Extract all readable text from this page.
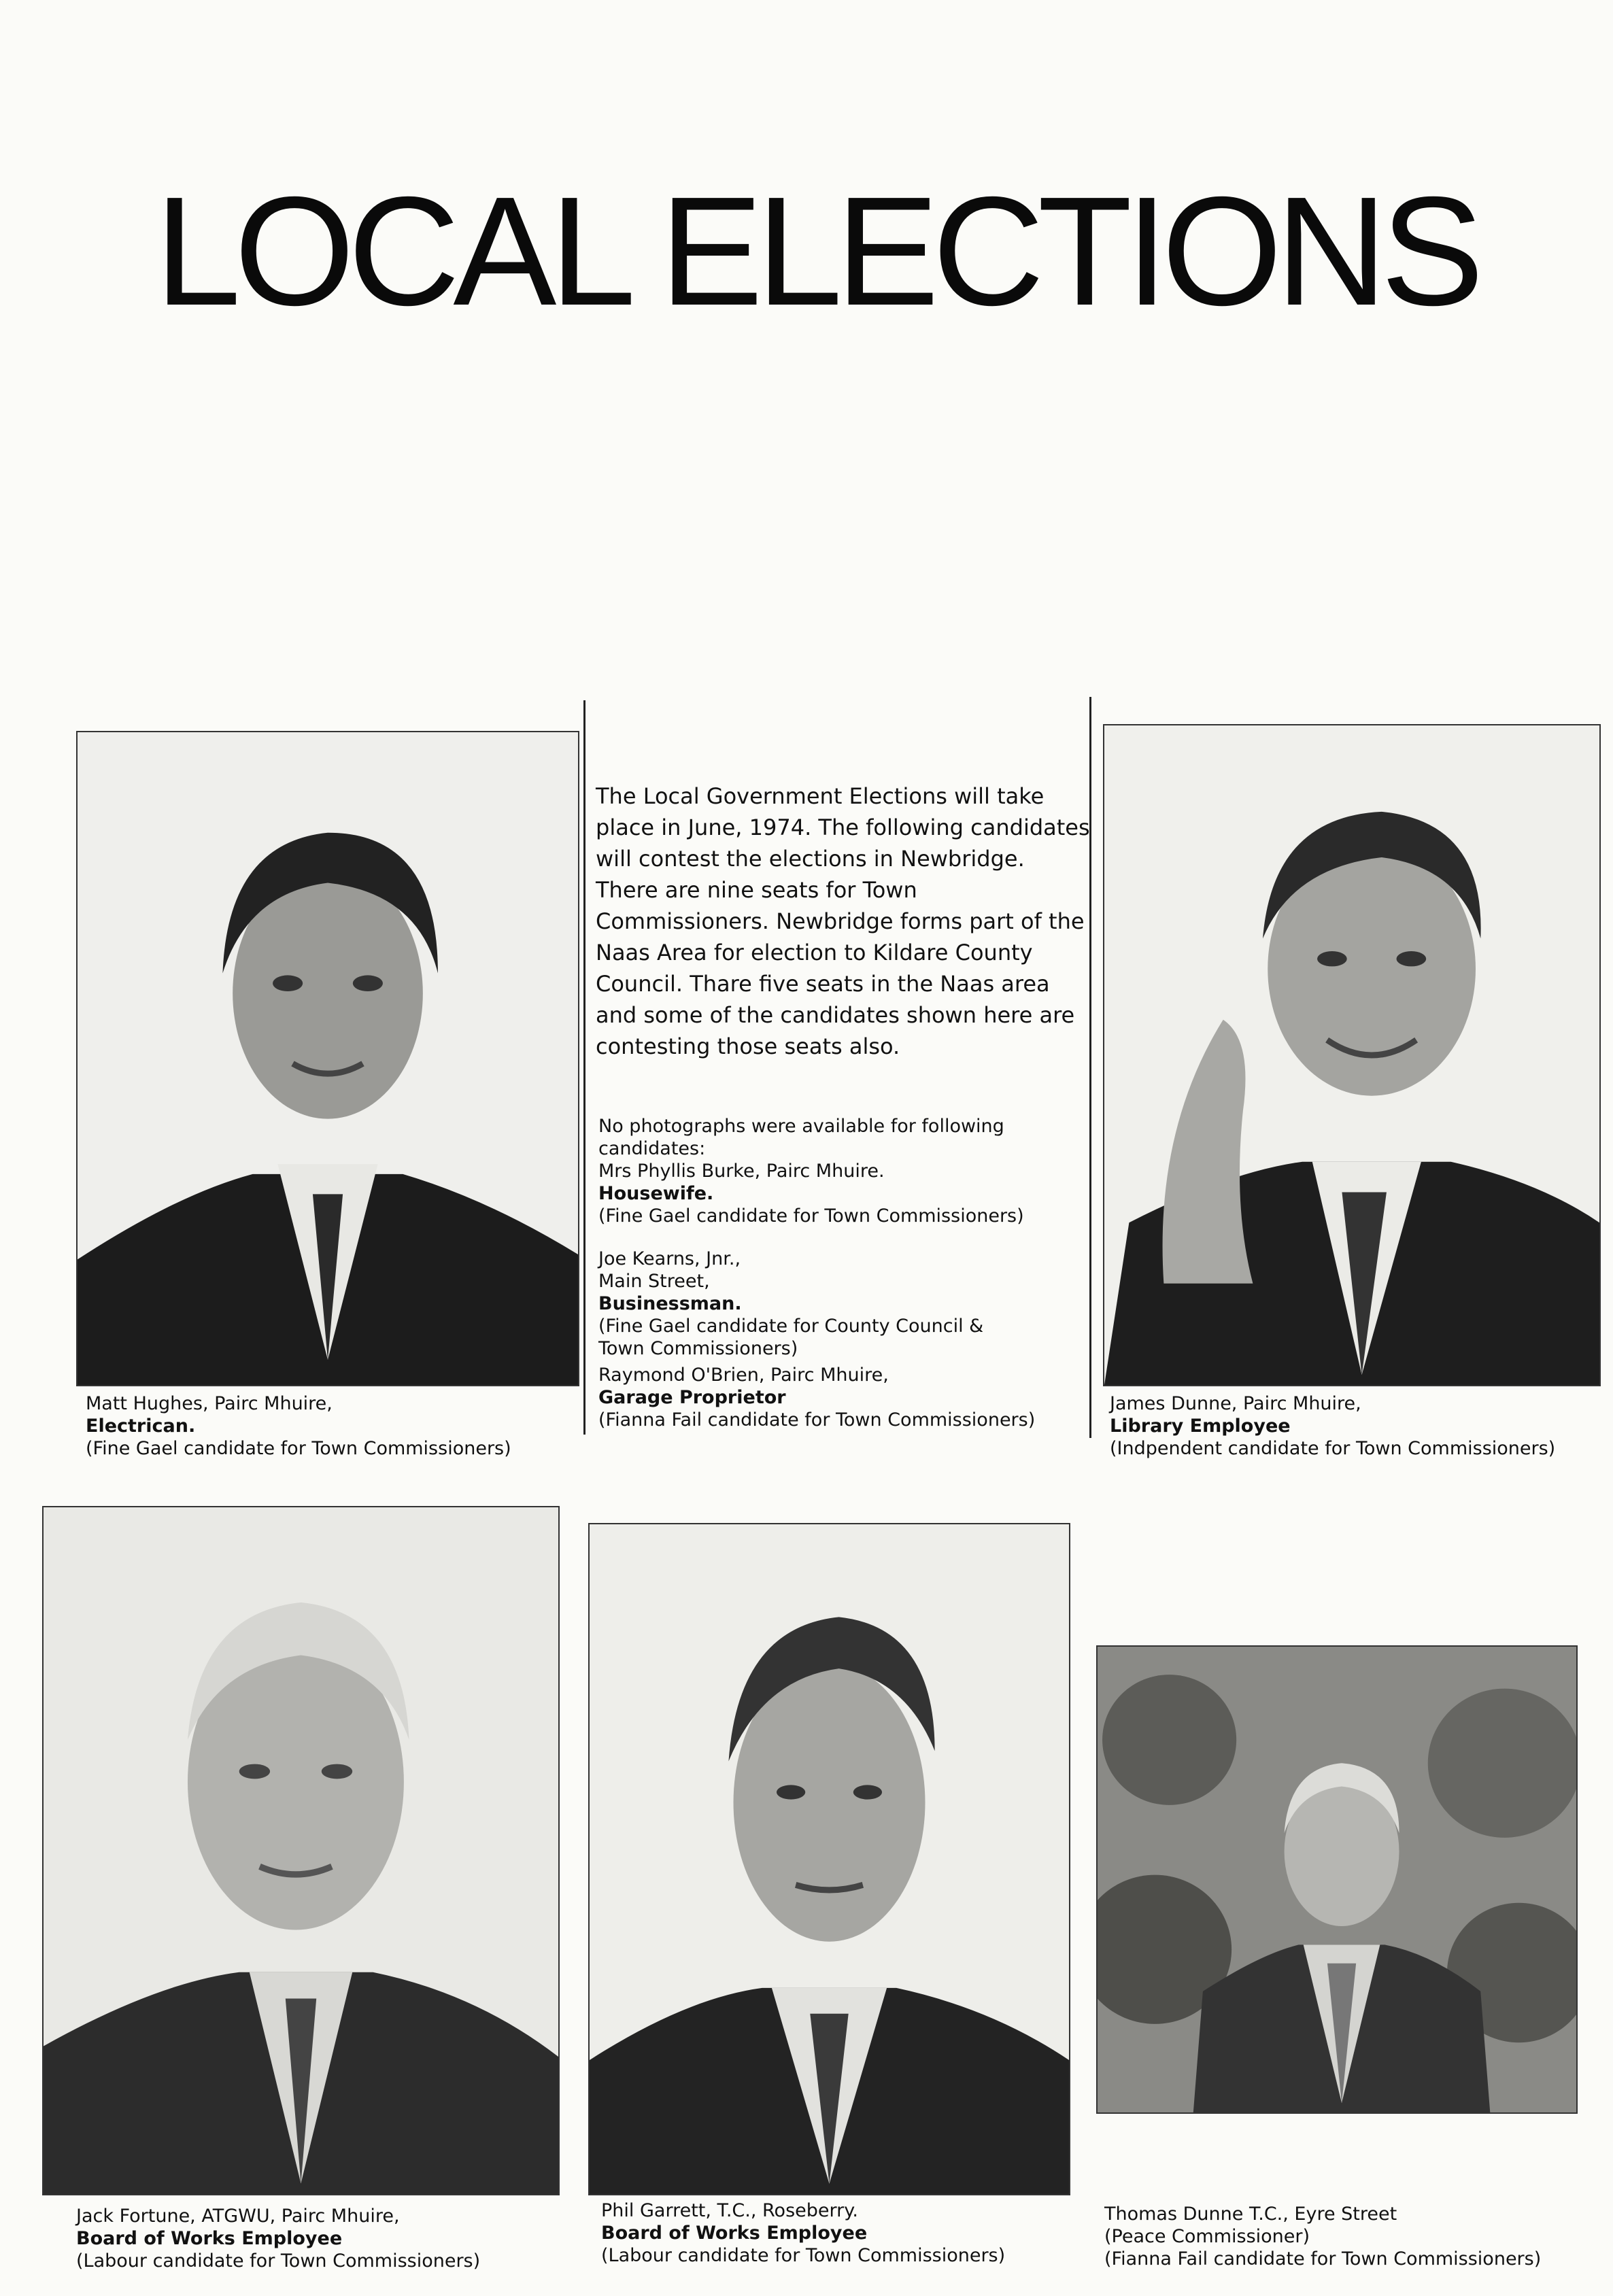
LOCAL ELECTIONS
Matt Hughes, Pairc Mhuire,
Electrican.
(Fine Gael candidate for Town Commissioners)

The Local Government Elections will take place in June, 1974. The following candidates will contest the elections in Newbridge. There are nine seats for Town Commissioners. Newbridge forms part of the Naas Area for election to Kildare County Council. Thare five seats in the Naas area and some of the candidates shown here are contesting those seats also.

No photographs were available for following
candidates:
Mrs Phyllis Burke, Pairc Mhuire.
Housewife.
(Fine Gael candidate for Town Commissioners)
Joe Kearns, Jnr.,
Main Street,
Businessman.
(Fine Gael candidate for County Council &
Town Commissioners)
Raymond O'Brien, Pairc Mhuire,
Garage Proprietor
(Fianna Fail candidate for Town Commissioners)
James Dunne, Pairc Mhuire,
Library Employee
(Indpendent candidate for Town Commissioners)
Jack Fortune, ATGWU, Pairc Mhuire,
Board of Works Employee
(Labour candidate for Town Commissioners)
Phil Garrett, T.C., Roseberry.
Board of Works Employee
(Labour candidate for Town Commissioners)
Thomas Dunne T.C., Eyre Street
(Peace Commissioner)
(Fianna Fail candidate for Town Commissioners)
